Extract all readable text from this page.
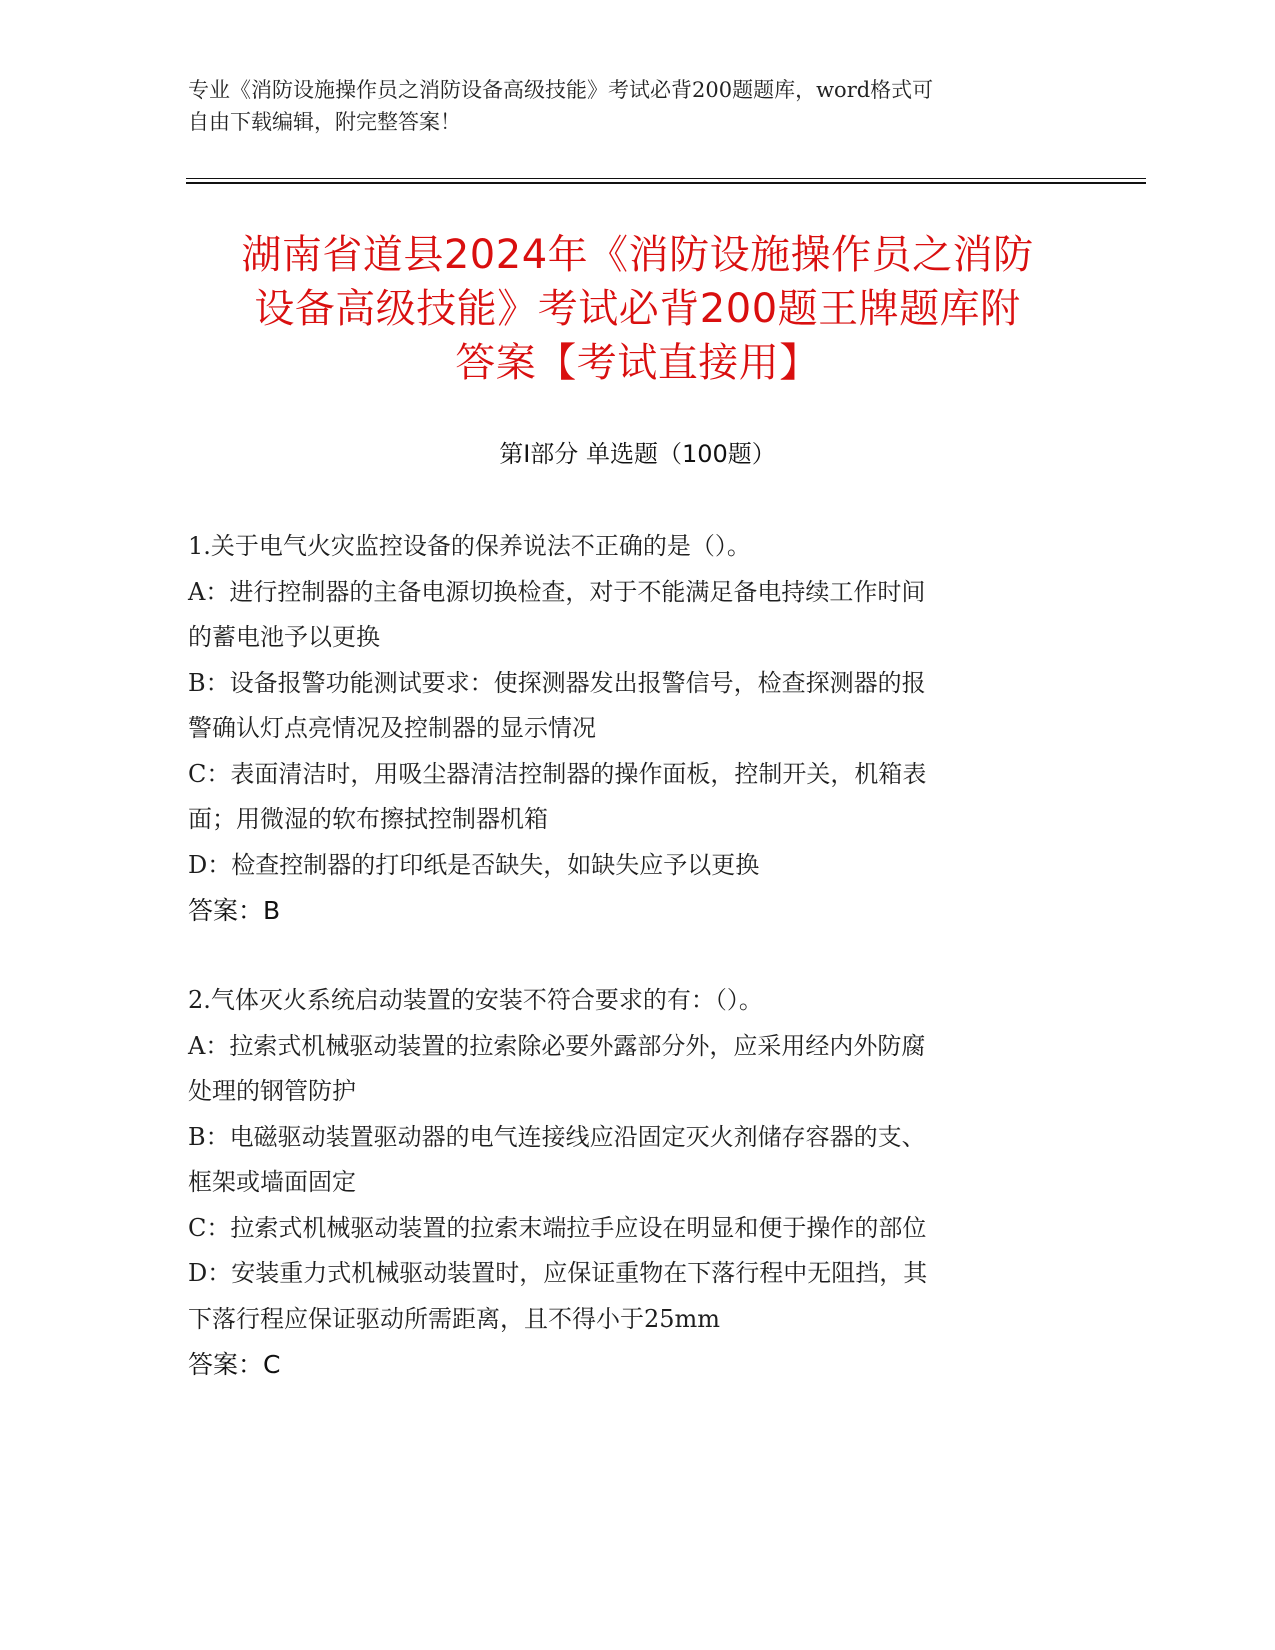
专业《消防设施操作员之消防设备高级技能》考试必背200题题库，word格式可
自由下载编辑，附完整答案！
湖南省道县2024年《消防设施操作员之消防
设备高级技能》考试必背200题王牌题库附
答案【考试直接用】
第I部分 单选题（100题）
1.关于电气火灾监控设备的保养说法不正确的是（）。
A：进行控制器的主备电源切换检查，对于不能满足备电持续工作时间
的蓄电池予以更换
B：设备报警功能测试要求：使探测器发出报警信号，检查探测器的报
警确认灯点亮情况及控制器的显示情况
C：表面清洁时，用吸尘器清洁控制器的操作面板，控制开关，机箱表
面；用微湿的软布擦拭控制器机箱
D：检查控制器的打印纸是否缺失，如缺失应予以更换
答案：B
2.气体灭火系统启动装置的安装不符合要求的有：（）。
A：拉索式机械驱动装置的拉索除必要外露部分外，应采用经内外防腐
处理的钢管防护
B：电磁驱动装置驱动器的电气连接线应沿固定灭火剂储存容器的支、
框架或墙面固定
C：拉索式机械驱动装置的拉索末端拉手应设在明显和便于操作的部位
D：安装重力式机械驱动装置时，应保证重物在下落行程中无阻挡，其
下落行程应保证驱动所需距离，且不得小于25mm
答案：C
